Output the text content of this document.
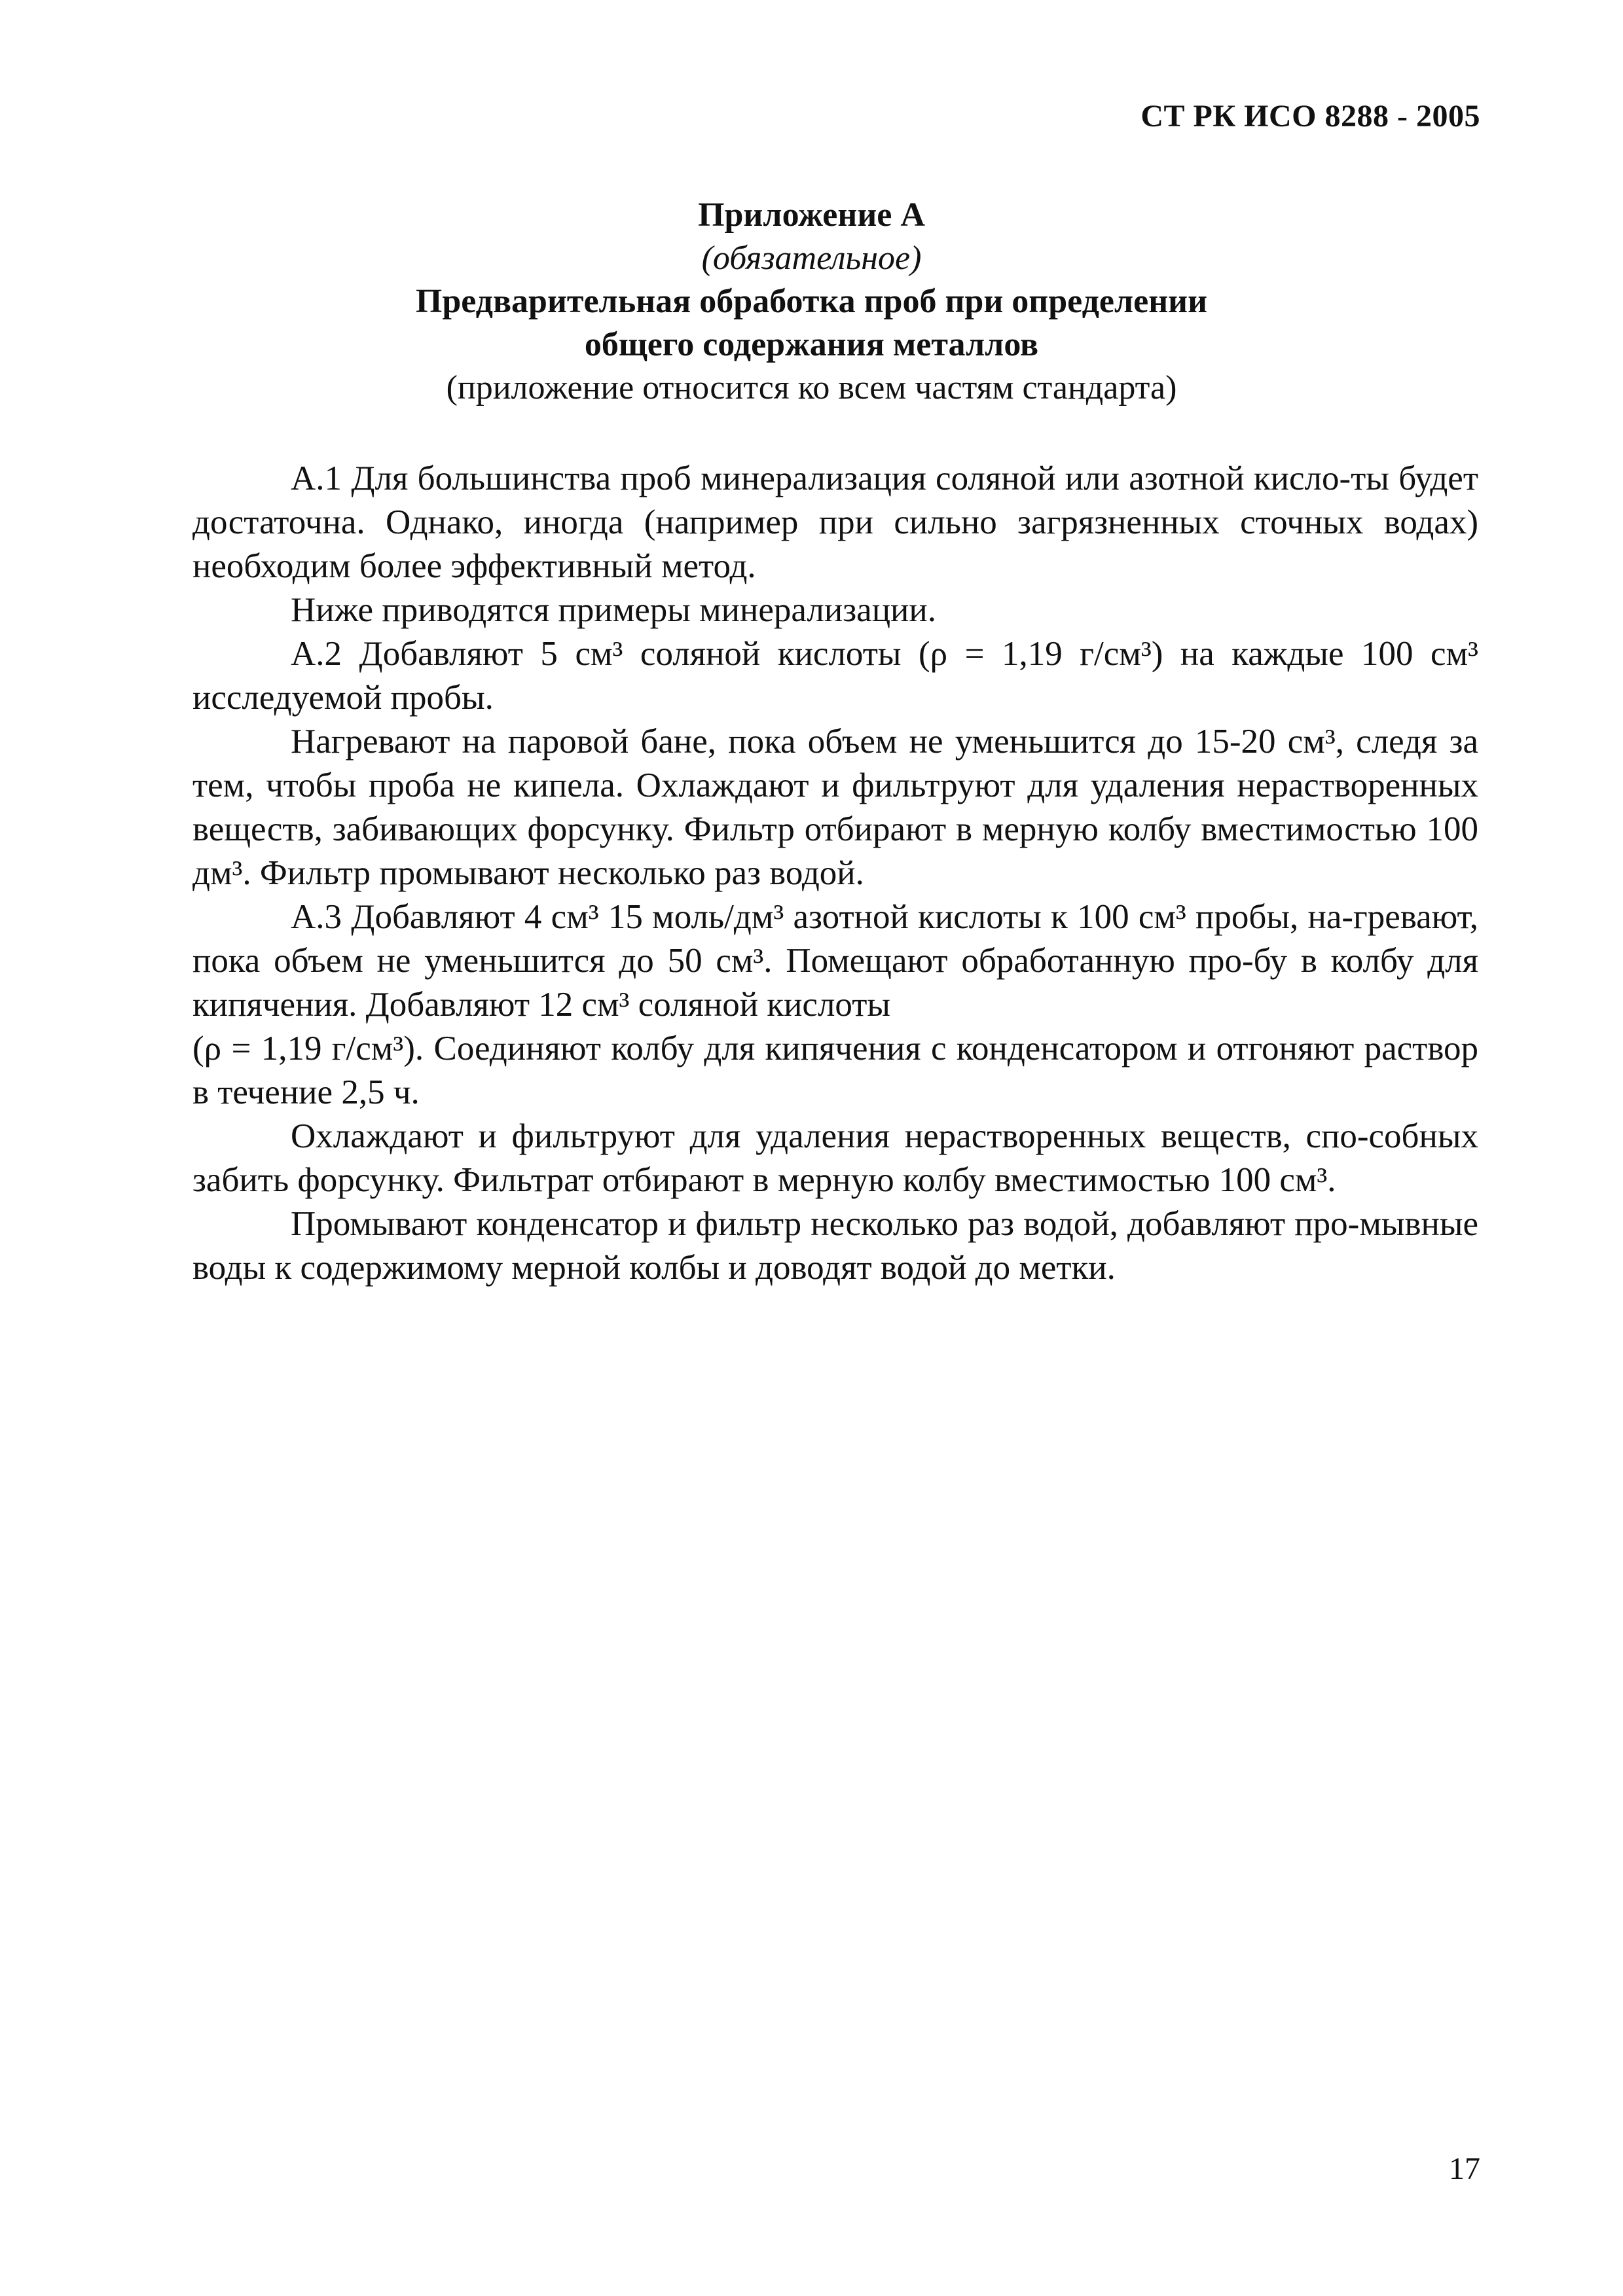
СТ РК ИСО 8288 - 2005
Приложение А
(обязательное)
Предварительная обработка проб при определении
общего содержания металлов
(приложение относится ко всем частям стандарта)

А.1 Для большинства проб минерализация соляной или азотной кисло-ты будет достаточна. Однако, иногда (например при сильно загрязненных сточных водах) необходим более эффективный метод.

Ниже приводятся примеры минерализации.

А.2 Добавляют 5 см³ соляной кислоты (ρ = 1,19 г/см³) на каждые 100 см³ исследуемой пробы.

Нагревают на паровой бане, пока объем не уменьшится до 15-20 см³, следя за тем, чтобы проба не кипела. Охлаждают и фильтруют для удаления нерастворенных веществ, забивающих форсунку. Фильтр отбирают в мерную колбу вместимостью 100 дм³. Фильтр промывают несколько раз водой.

А.3 Добавляют 4 см³ 15 моль/дм³ азотной кислоты к 100 см³ пробы, на-гревают, пока объем не уменьшится до 50 см³. Помещают обработанную про-бу в колбу для кипячения. Добавляют 12 см³ соляной кислоты

(ρ = 1,19 г/см³). Соединяют колбу для кипячения с конденсатором и отгоняют раствор в течение 2,5 ч.

Охлаждают и фильтруют для удаления нерастворенных веществ, спо-собных забить форсунку. Фильтрат отбирают в мерную колбу вместимостью 100 см³.

Промывают конденсатор и фильтр несколько раз водой, добавляют про-мывные воды к содержимому мерной колбы и доводят водой до метки.

17
